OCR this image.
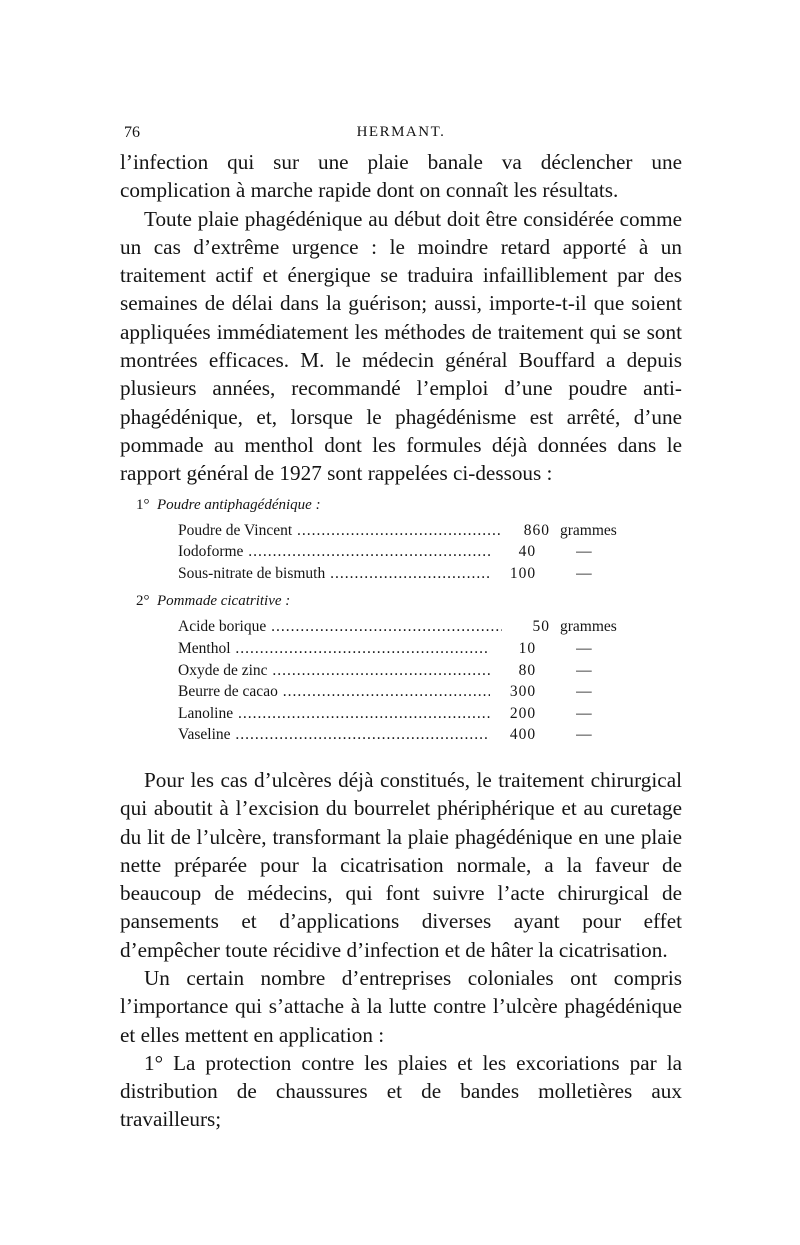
76	HERMANT.

l’infection qui sur une plaie banale va déclencher une complication à marche rapide dont on connaît les résultats.

Toute plaie phagédénique au début doit être considérée comme un cas d’extrême urgence : le moindre retard apporté à un traitement actif et énergique se traduira infailliblement par des semaines de délai dans la guérison; aussi, importe-t-il que soient appliquées immédiatement les méthodes de traitement qui se sont montrées efficaces. M. le médecin général Bouffard a depuis plusieurs années, recommandé l’emploi d’une poudre anti-phagédénique, et, lorsque le phagédénisme est arrêté, d’une pommade au menthol dont les formules déjà données dans le rapport général de 1927 sont rappelées ci-dessous :

1° Poudre antiphagédénique :
Poudre de Vincent .....	860 grammes
Iodoforme .....	40	—
Sous-nitrate de bismuth .....	100	—
2° Pommade cicatritive :
Acide borique .....	50 grammes
Menthol .....	10	—
Oxyde de zinc .....	80	—
Beurre de cacao .....	300	—
Lanoline .....	200	—
Vaseline .....	400	—

Pour les cas d’ulcères déjà constitués, le traitement chirurgical qui aboutit à l’excision du bourrelet phériphérique et au curetage du lit de l’ulcère, transformant la plaie phagédénique en une plaie nette préparée pour la cicatrisation normale, a la faveur de beaucoup de médecins, qui font suivre l’acte chirurgical de pansements et d’applications diverses ayant pour effet d’empêcher toute récidive d’infection et de hâter la cicatrisation.

Un certain nombre d’entreprises coloniales ont compris l’importance qui s’attache à la lutte contre l’ulcère phagédénique et elles mettent en application :

1° La protection contre les plaies et les excoriations par la distribution de chaussures et de bandes molletières aux travailleurs;
